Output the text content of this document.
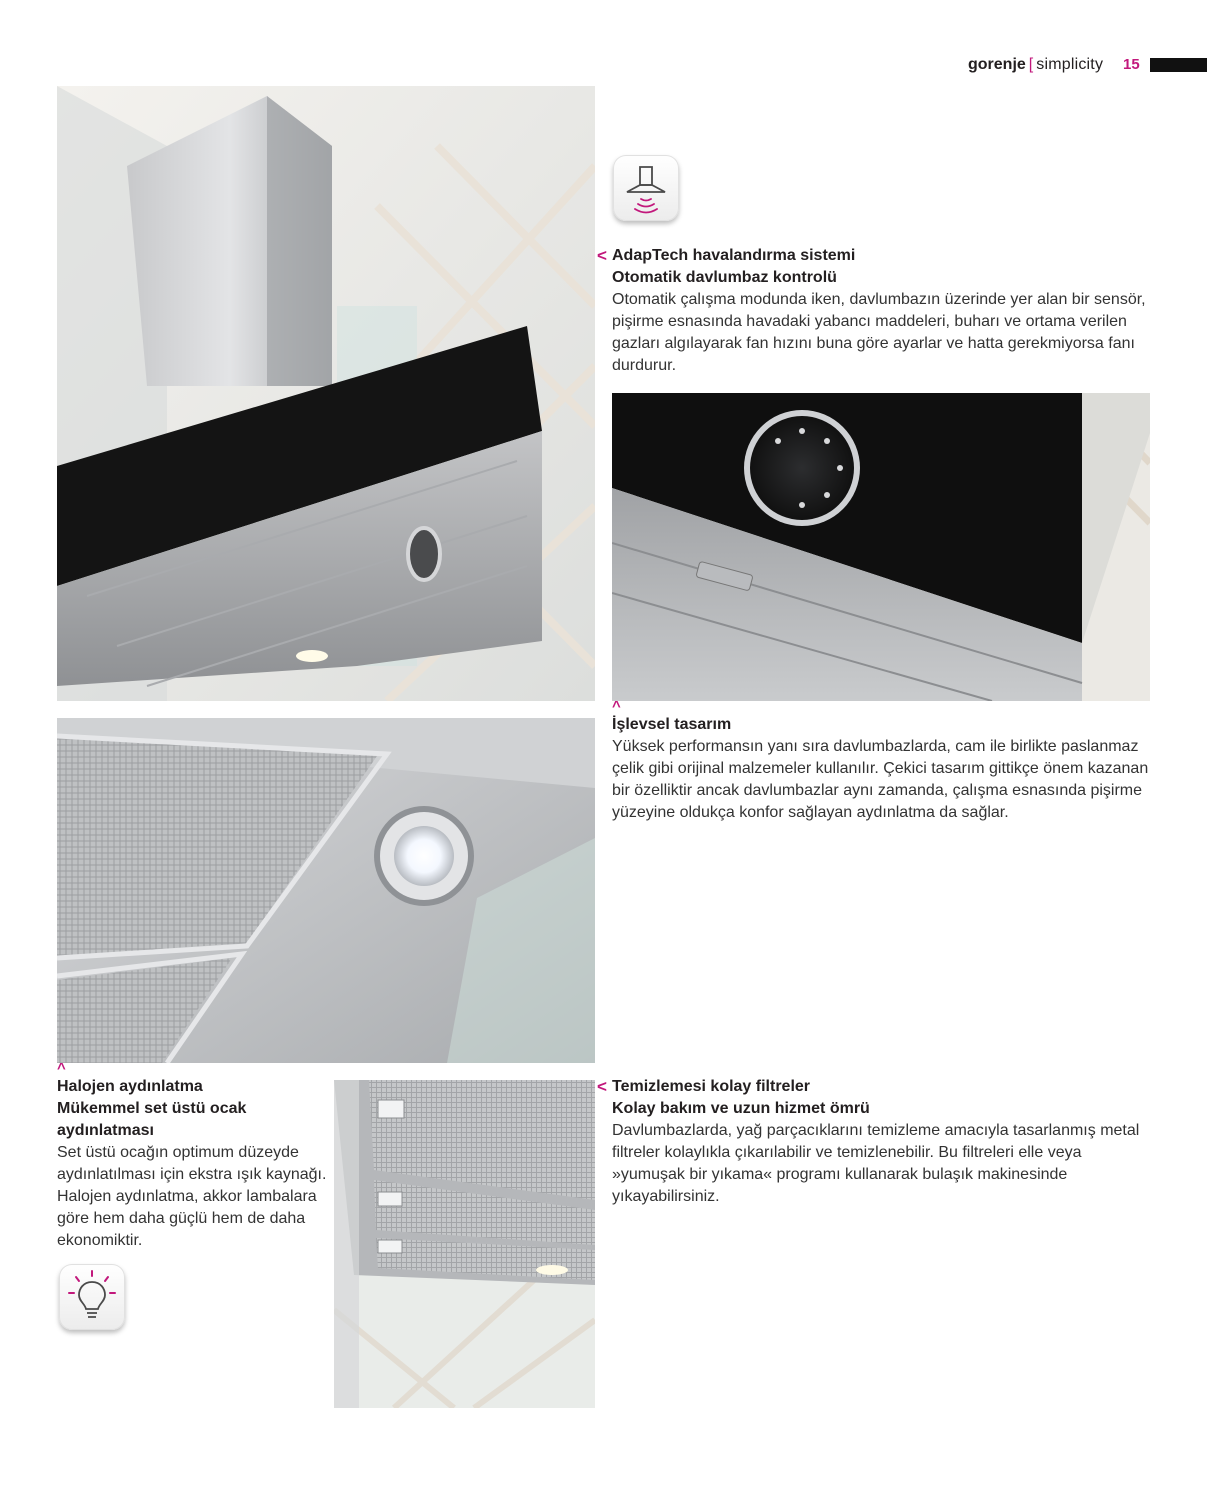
gorenje [ simplicity 15
< AdapTech havalandırma sistemi
Otomatik davlumbaz kontrolü
Otomatik çalışma modunda iken, davlumbazın üzerinde yer alan bir sensör, pişirme esnasında havadaki yabancı maddeleri, buharı ve ortama verilen gazları algılayarak fan hızını buna göre ayarlar ve hatta gerekmiyorsa fanı durdurur.
^
İşlevsel tasarım
Yüksek performansın yanı sıra davlumbazlarda, cam ile birlikte paslanmaz çelik gibi orijinal malzemeler kullanılır. Çekici tasarım gittikçe önem kazanan bir özelliktir ancak davlumbazlar aynı zamanda, çalışma esnasında pişirme yüzeyine oldukça konfor sağlayan aydınlatma da sağlar.
^
Halojen aydınlatma
Mükemmel set üstü ocak aydınlatması
Set üstü ocağın optimum düzeyde aydınlatılması için ekstra ışık kaynağı. Halojen aydınlatma, akkor lambalara göre hem daha güçlü hem de daha ekonomiktir.
< Temizlemesi kolay filtreler
Kolay bakım ve uzun hizmet ömrü
Davlumbazlarda, yağ parçacıklarını temizleme amacıyla tasarlanmış metal filtreler kolaylıkla çıkarılabilir ve temizlenebilir. Bu filtreleri elle veya »yumuşak bir yıkama« programı kullanarak bulaşık makinesinde yıkayabilirsiniz.
